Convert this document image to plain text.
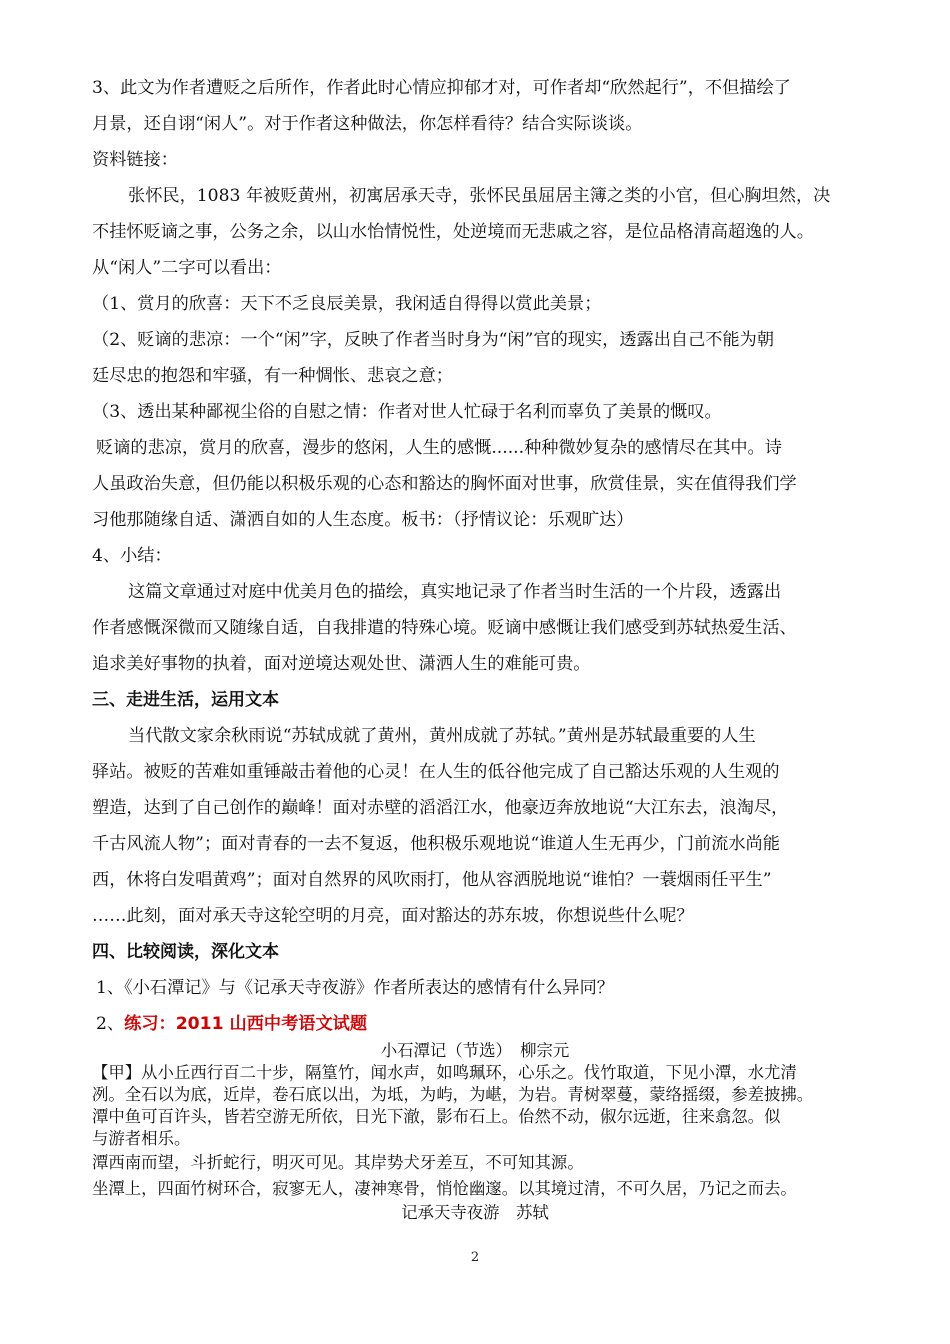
3、此文为作者遭贬之后所作，作者此时心情应抑郁才对，可作者却“欣然起行”，不但描绘了
月景，还自诩“闲人”。对于作者这种做法，你怎样看待？结合实际谈谈。
资料链接：
张怀民，1083 年被贬黄州，初寓居承天寺，张怀民虽屈居主簿之类的小官，但心胸坦然，决
不挂怀贬谪之事，公务之余，以山水怡情悦性，处逆境而无悲戚之容，是位品格清高超逸的人。
从“闲人”二字可以看出：
（1、赏月的欣喜：天下不乏良辰美景，我闲适自得得以赏此美景；
（2、贬谪的悲凉：一个“闲”字，反映了作者当时身为“闲”官的现实，透露出自己不能为朝
廷尽忠的抱怨和牢骚，有一种惆怅、悲哀之意；
（3、透出某种鄙视尘俗的自慰之情：作者对世人忙碌于名利而辜负了美景的慨叹。
贬谪的悲凉，赏月的欣喜，漫步的悠闲，人生的感慨......种种微妙复杂的感情尽在其中。诗
人虽政治失意，但仍能以积极乐观的心态和豁达的胸怀面对世事，欣赏佳景，实在值得我们学
习他那随缘自适、潇洒自如的人生态度。板书：（抒情议论：乐观旷达）
4、小结：
这篇文章通过对庭中优美月色的描绘，真实地记录了作者当时生活的一个片段，透露出
作者感慨深微而又随缘自适，自我排遣的特殊心境。贬谪中感慨让我们感受到苏轼热爱生活、
追求美好事物的执着，面对逆境达观处世、潇洒人生的难能可贵。
三、走进生活，运用文本
当代散文家余秋雨说“苏轼成就了黄州，黄州成就了苏轼。”黄州是苏轼最重要的人生
驿站。被贬的苦难如重锤敲击着他的心灵！在人生的低谷他完成了自己豁达乐观的人生观的
塑造，达到了自己创作的巅峰！面对赤壁的滔滔江水，他豪迈奔放地说“大江东去，浪淘尽，
千古风流人物”；面对青春的一去不复返，他积极乐观地说“谁道人生无再少，门前流水尚能
西，休将白发唱黄鸡”；面对自然界的风吹雨打，他从容洒脱地说“谁怕？一蓑烟雨任平生”
……此刻，面对承天寺这轮空明的月亮，面对豁达的苏东坡，你想说些什么呢？
四、比较阅读，深化文本
1、《小石潭记》与《记承天寺夜游》作者所表达的感情有什么异同？
2、练习：2011 山西中考语文试题
小石潭记（节选）　柳宗元
【甲】从小丘西行百二十步，隔篁竹，闻水声，如鸣珮环，心乐之。伐竹取道，下见小潭，水尤清
冽。全石以为底，近岸，卷石底以出，为坻，为屿，为嵁，为岩。青树翠蔓，蒙络摇缀，参差披拂。
潭中鱼可百许头，皆若空游无所依，日光下澈，影布石上。佁然不动，俶尔远逝，往来翕忽。似
与游者相乐。
潭西南而望，斗折蛇行，明灭可见。其岸势犬牙差互，不可知其源。
坐潭上，四面竹树环合，寂寥无人，凄神寒骨，悄怆幽邃。以其境过清，不可久居，乃记之而去。
记承天寺夜游　苏轼
2
